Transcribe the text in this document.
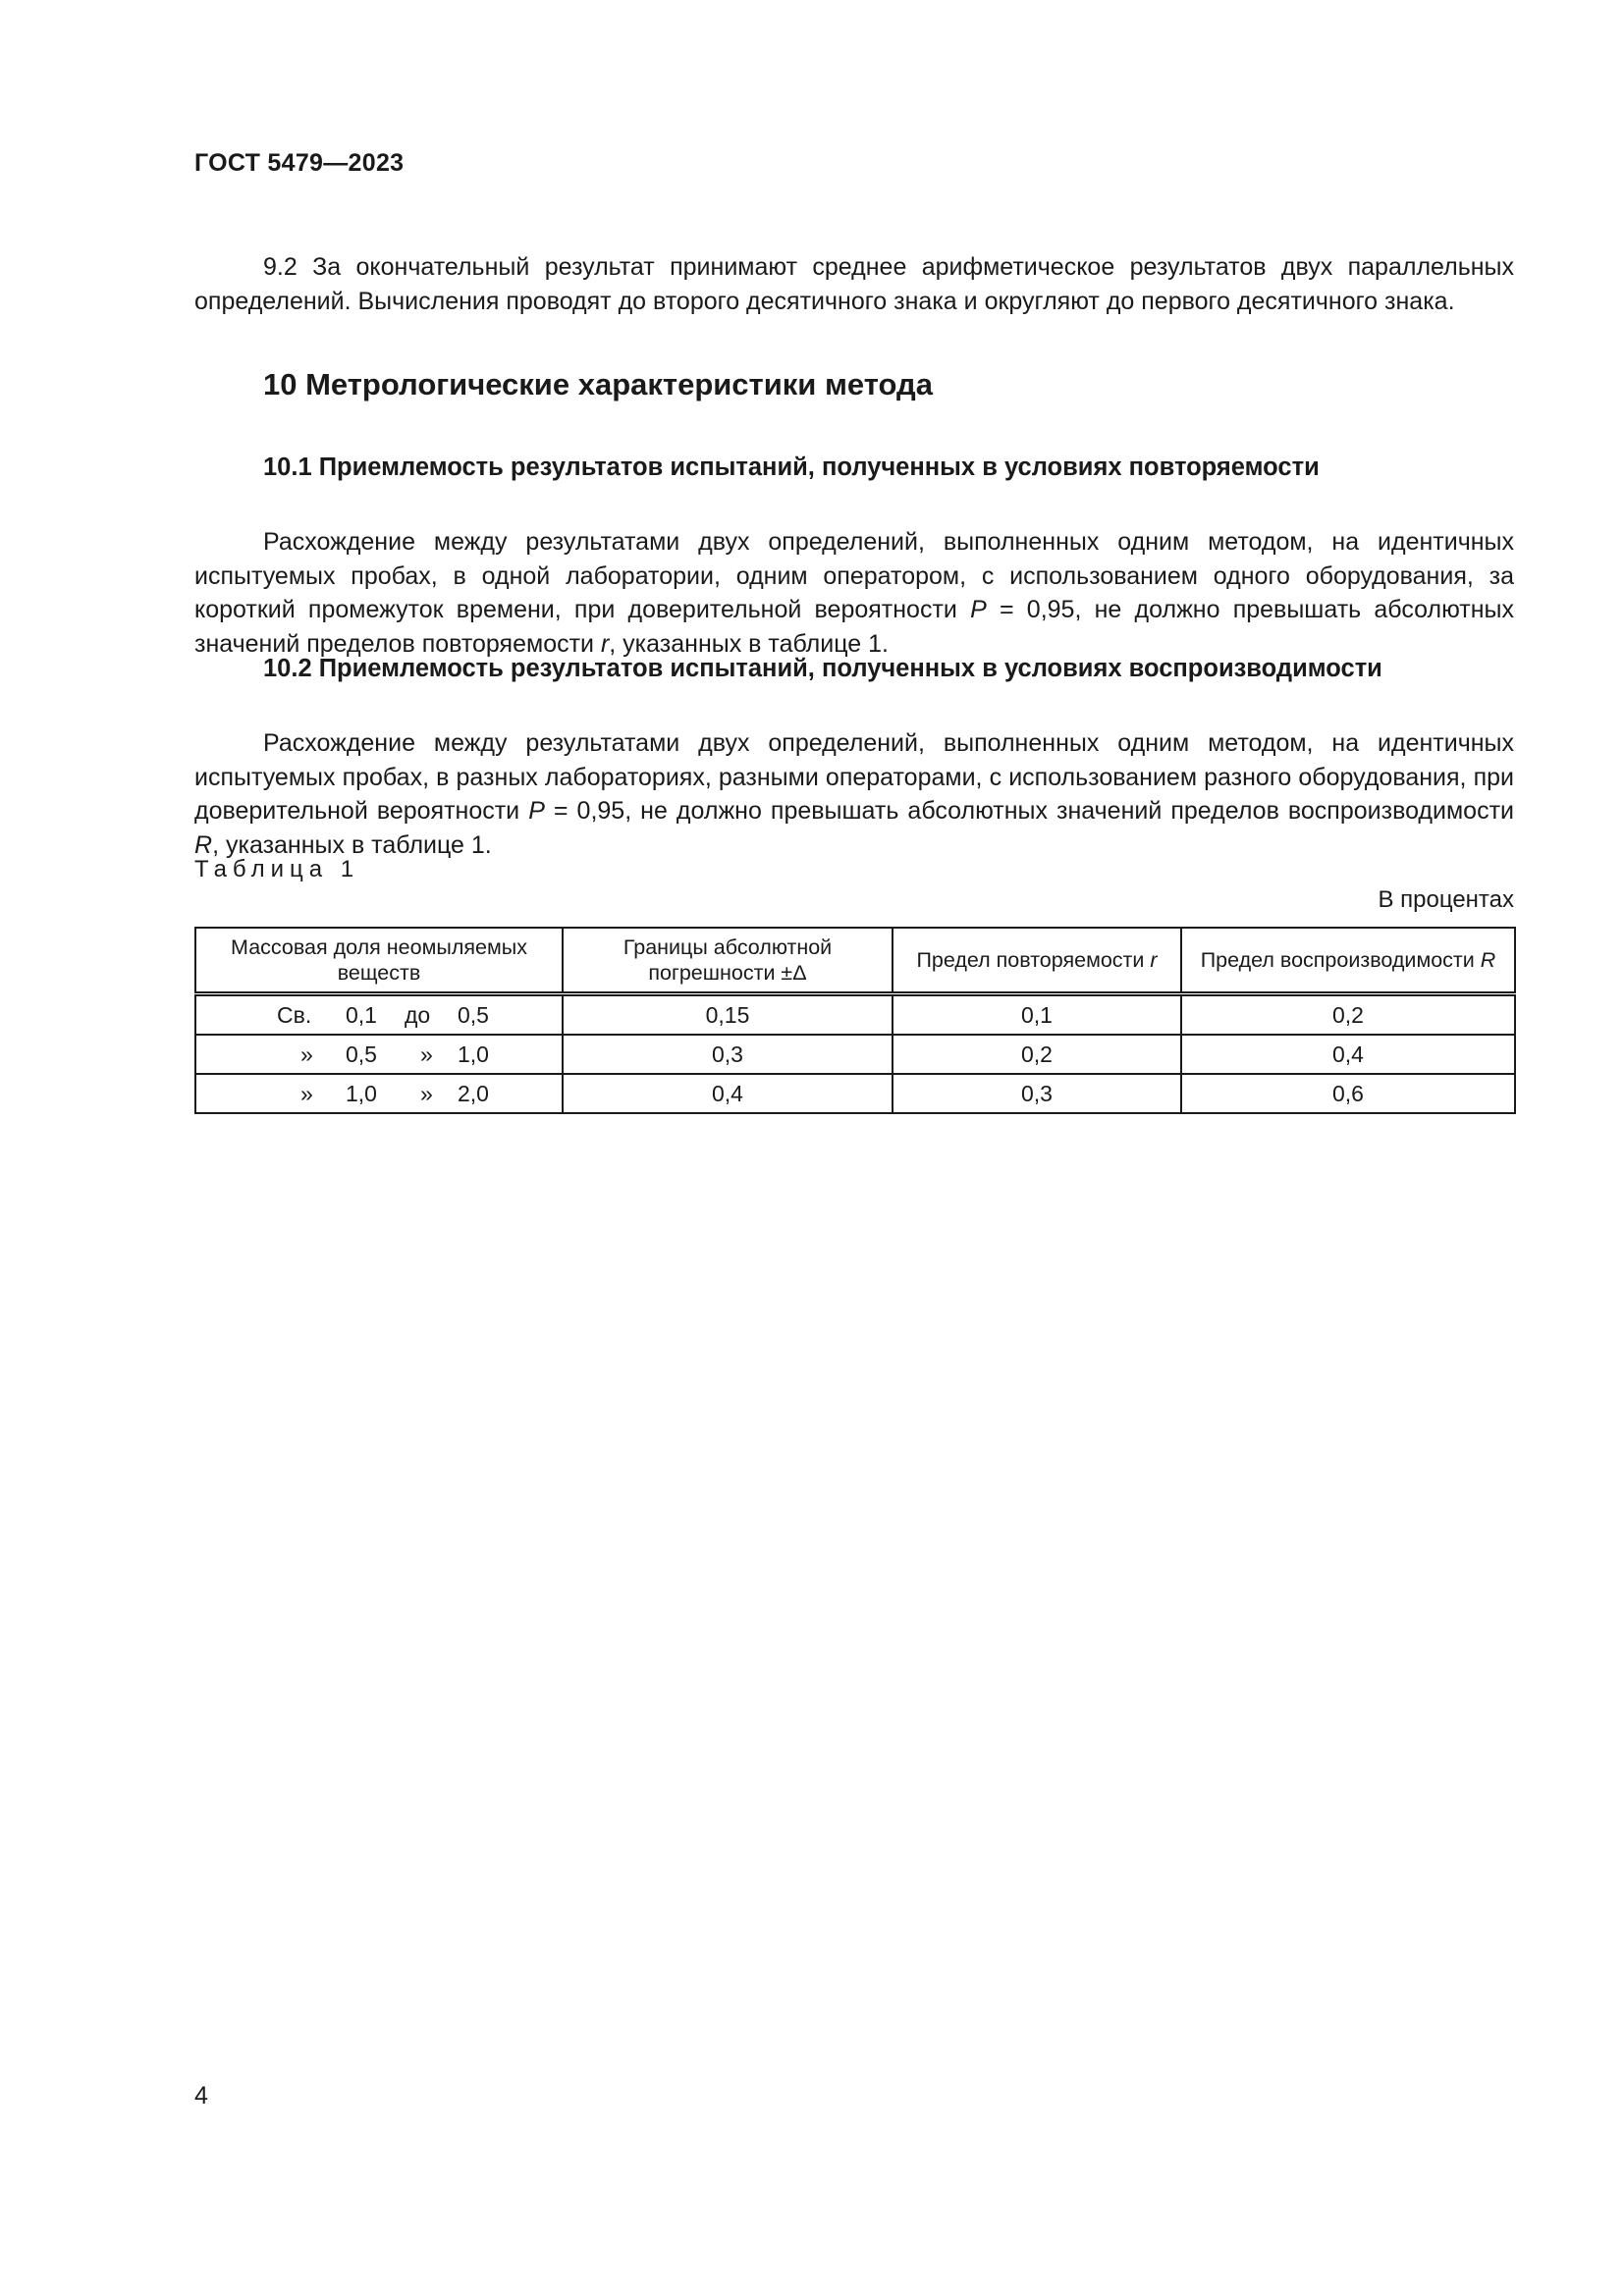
ГОСТ 5479—2023

9.2 За окончательный результат принимают среднее арифметическое результатов двух параллельных определений. Вычисления проводят до второго десятичного знака и округляют до первого десятичного знака.

10 Метрологические характеристики метода
10.1 Приемлемость результатов испытаний, полученных в условиях повторяемости

Расхождение между результатами двух определений, выполненных одним методом, на идентичных испытуемых пробах, в одной лаборатории, одним оператором, с использованием одного оборудования, за короткий промежуток времени, при доверительной вероятности P = 0,95, не должно превышать абсолютных значений пределов повторяемости r, указанных в таблице 1.

10.2 Приемлемость результатов испытаний, полученных в условиях воспроизводимости

Расхождение между результатами двух определений, выполненных одним методом, на идентичных испытуемых пробах, в разных лабораториях, разными операторами, с использованием разного оборудования, при доверительной вероятности P = 0,95, не должно превышать абсолютных значений пределов воспроизводимости R, указанных в таблице 1.

Таблица 1
В процентах
Массовая доля неомыляемых веществ	Границы абсолютной погрешности ±Δ	Предел повторяемости r	Предел воспроизводимости R

Св. 0,1 до 0,5	0,15	0,1	0,2

» 0,5 » 1,0	0,3	0,2	0,4

» 1,0 » 2,0	0,4	0,3	0,6
4
